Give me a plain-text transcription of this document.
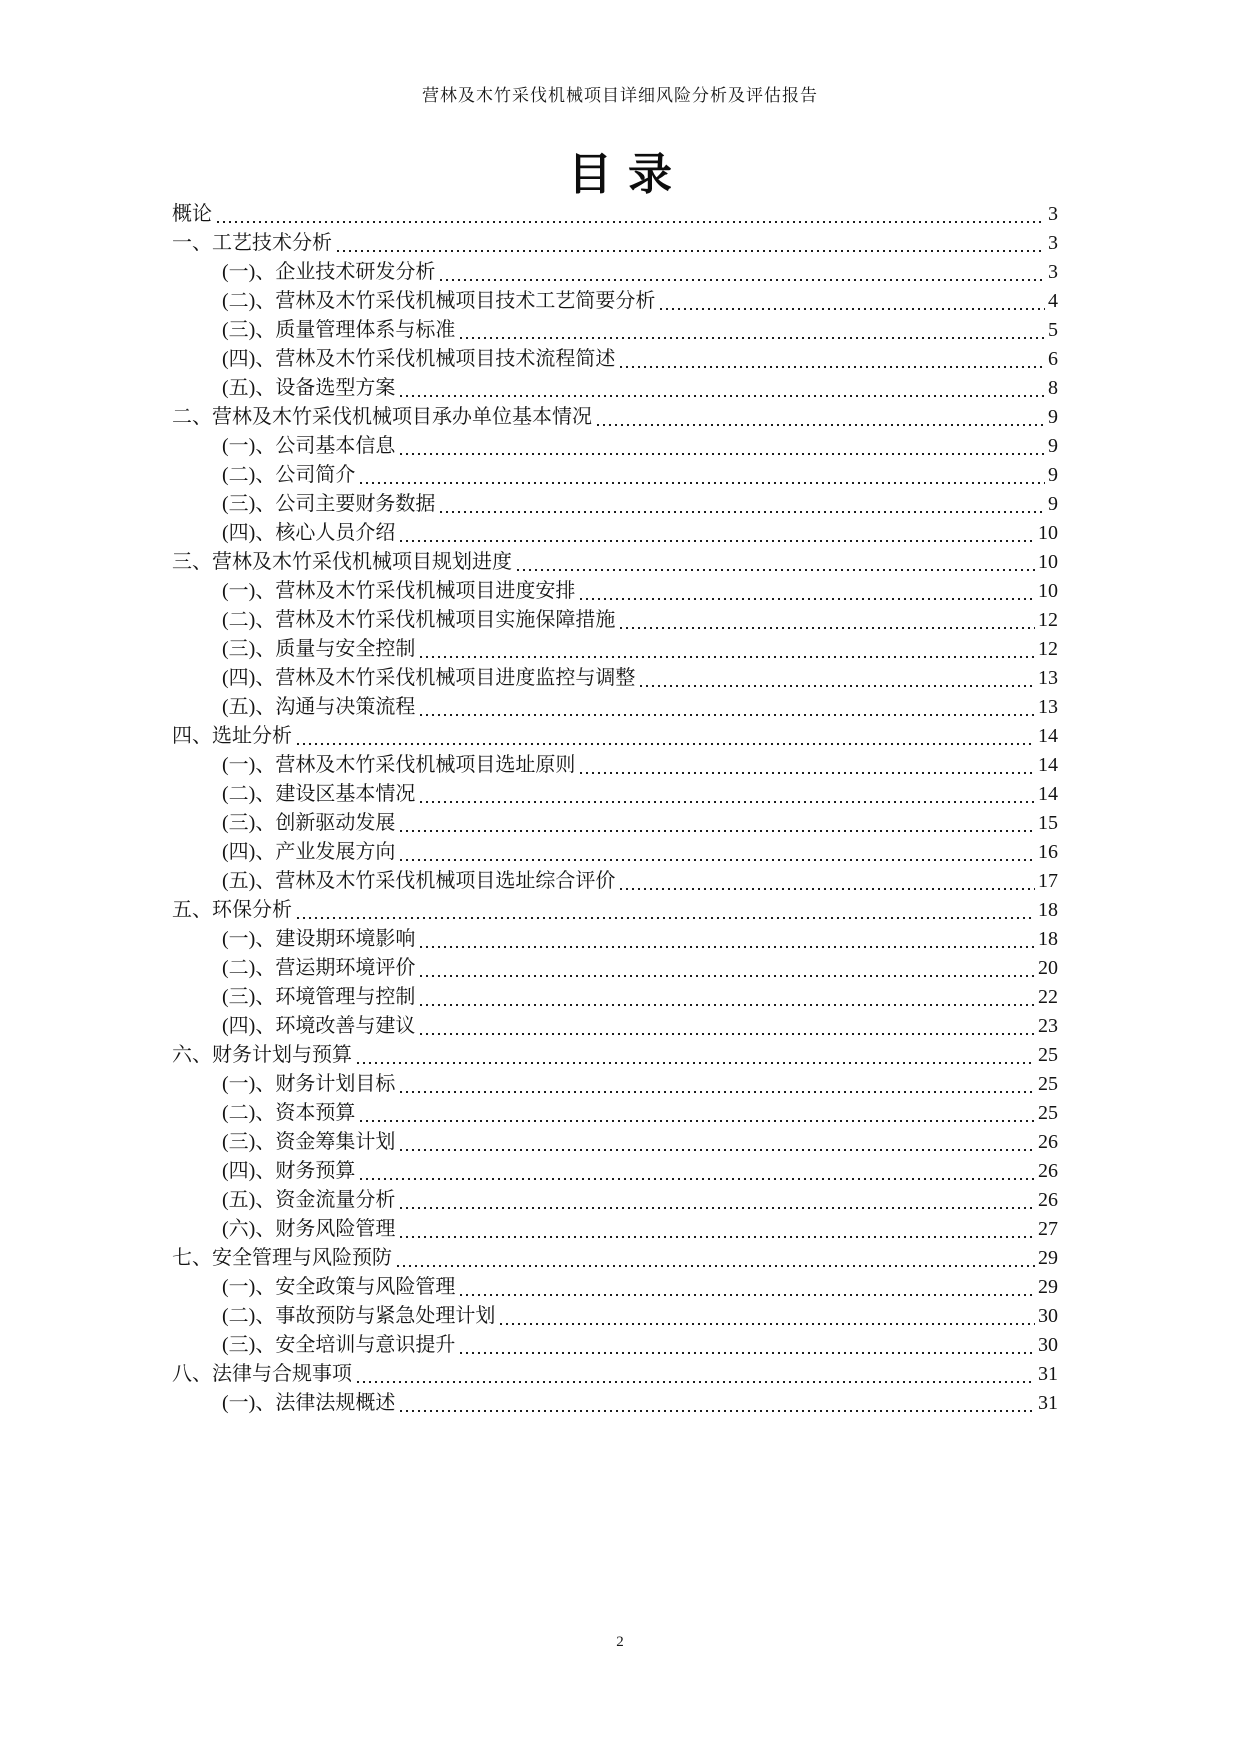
营林及木竹采伐机械项目详细风险分析及评估报告
目录
概论	3
一、工艺技术分析	3
(一)、企业技术研发分析	3
(二)、营林及木竹采伐机械项目技术工艺简要分析	4
(三)、质量管理体系与标准	5
(四)、营林及木竹采伐机械项目技术流程简述	6
(五)、设备选型方案	8
二、营林及木竹采伐机械项目承办单位基本情况	9
(一)、公司基本信息	9
(二)、公司简介	9
(三)、公司主要财务数据	9
(四)、核心人员介绍	10
三、营林及木竹采伐机械项目规划进度	10
(一)、营林及木竹采伐机械项目进度安排	10
(二)、营林及木竹采伐机械项目实施保障措施	12
(三)、质量与安全控制	12
(四)、营林及木竹采伐机械项目进度监控与调整	13
(五)、沟通与决策流程	13
四、选址分析	14
(一)、营林及木竹采伐机械项目选址原则	14
(二)、建设区基本情况	14
(三)、创新驱动发展	15
(四)、产业发展方向	16
(五)、营林及木竹采伐机械项目选址综合评价	17
五、环保分析	18
(一)、建设期环境影响	18
(二)、营运期环境评价	20
(三)、环境管理与控制	22
(四)、环境改善与建议	23
六、财务计划与预算	25
(一)、财务计划目标	25
(二)、资本预算	25
(三)、资金筹集计划	26
(四)、财务预算	26
(五)、资金流量分析	26
(六)、财务风险管理	27
七、安全管理与风险预防	29
(一)、安全政策与风险管理	29
(二)、事故预防与紧急处理计划	30
(三)、安全培训与意识提升	30
八、法律与合规事项	31
(一)、法律法规概述	31
2
